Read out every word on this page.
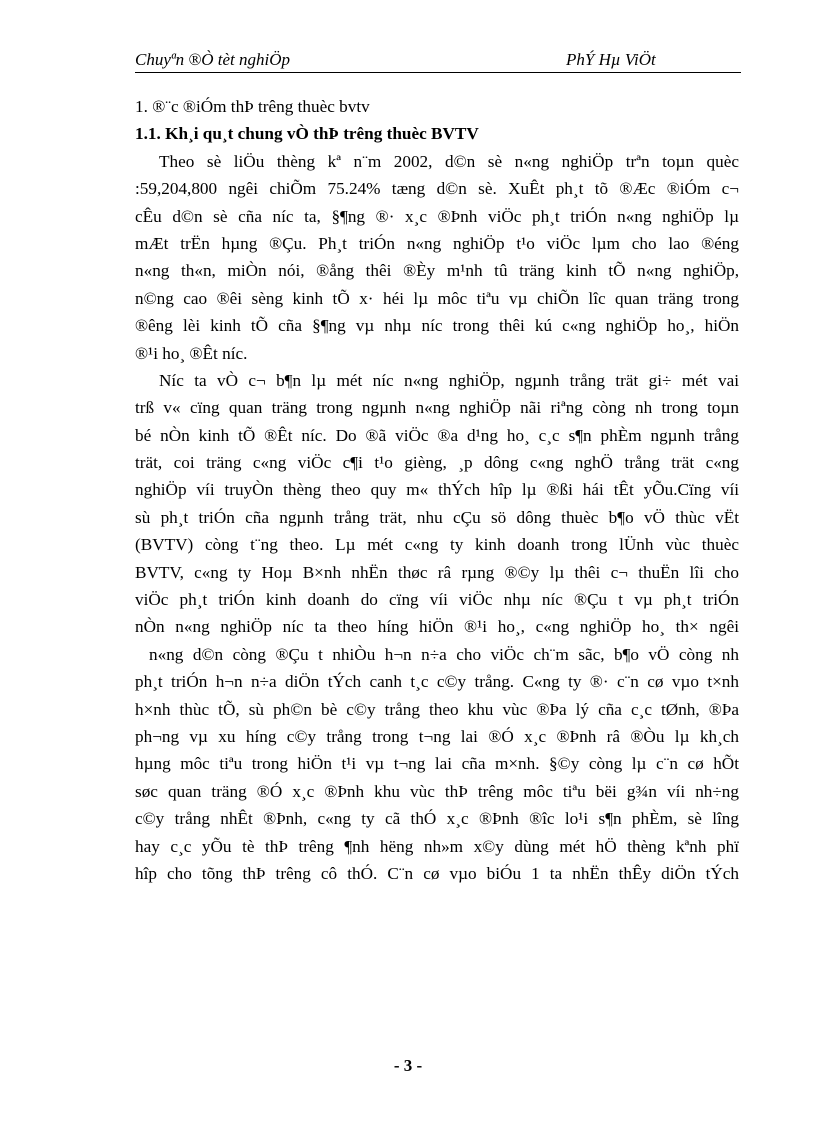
Chuyªn ®Ò tèt nghiÖp	PhÝ Hµ ViÖt
1. ®¨c ®iÓm thÞ trêng thuèc bvtv
1.1. Kh¸i qu¸t chung vÒ thÞ trêng thuèc BVTV
Theo sè liÖu thèng kª n¨m 2002, d©n sè n«ng nghiÖp trªn toµn quèc
:59,204,800 ngêi chiÕm 75.24% tæng d©n sè. XuÊt ph¸t tõ ®Æc ®iÓm c¬
cÊu d©n sè cña níc ta, §¶ng ®· x¸c ®Þnh viÖc ph¸t triÓn n«ng nghiÖp lµ
mÆt trËn hµng ®Çu. Ph¸t triÓn n«ng nghiÖp t¹o viÖc lµm cho lao ®éng
n«ng th«n, miÒn nói, ®ång thêi ®Èy m¹nh tû träng kinh tÕ n«ng nghiÖp,
n©ng cao ®êi sèng kinh tÕ x· héi lµ môc tiªu vµ chiÕn lîc quan träng trong
®êng lèi kinh tÕ cña §¶ng vµ nhµ níc trong thêi kú c«ng nghiÖp ho¸, hiÖn
®¹i ho¸ ®Êt níc.
Níc ta vÒ c¬ b¶n lµ mét níc n«ng nghiÖp, ngµnh trång trät gi÷ mét vai
trß v« cïng quan träng trong ngµnh n«ng nghiÖp nãi riªng còng nh trong toµn
bé nÒn kinh tÕ ®Êt níc. Do ®ã viÖc ®a d¹ng ho¸ c¸c s¶n phÈm ngµnh trång
trät, coi träng c«ng viÖc c¶i t¹o gièng, ¸p dông c«ng nghÖ trång trät c«ng
nghiÖp víi truyÒn thèng theo quy m« thÝch hîp lµ ®ßi hái tÊt yÕu.Cïng víi
sù ph¸t triÓn cña ngµnh trång trät, nhu cÇu sö dông thuèc b¶o vÖ thùc vËt
(BVTV) còng t¨ng theo. Lµ mét c«ng ty kinh doanh trong lÜnh vùc thuèc
BVTV, c«ng ty Hoµ B×nh nhËn thøc râ rµng ®©y lµ thêi c¬ thuËn lîi cho
viÖc ph¸t triÓn kinh doanh do cïng víi viÖc nhµ níc ®Çu t vµ ph¸t triÓn
nÒn n«ng nghiÖp níc ta theo híng hiÖn ®¹i ho¸, c«ng nghiÖp ho¸ th× ngêi
n«ng d©n còng ®Çu t nhiÒu h¬n n÷a cho viÖc ch¨m sãc, b¶o vÖ còng nh
ph¸t triÓn h¬n n÷a diÖn tÝch canh t¸c c©y trång. C«ng ty ®· c¨n cø vµo t×nh
h×nh thùc tÕ, sù ph©n bè c©y trång theo khu vùc ®Þa lý cña c¸c tØnh, ®Þa
ph¬ng vµ xu híng c©y trång trong t¬ng lai ®Ó x¸c ®Þnh râ ®Òu lµ kh¸ch
hµng môc tiªu trong hiÖn t¹i vµ t¬ng lai cña m×nh. §©y còng lµ c¨n cø hÕt
søc quan träng ®Ó x¸c ®Þnh khu vùc thÞ trêng môc tiªu bëi g¾n víi nh÷ng
c©y trång nhÊt ®Þnh, c«ng ty cã thÓ x¸c ®Þnh ®îc lo¹i s¶n phÈm, sè lîng
hay c¸c yÕu tè thÞ trêng ¶nh hëng nh»m x©y dùng mét hÖ thèng kªnh phï
hîp cho tõng thÞ trêng cô thÓ. C¨n cø vµo biÓu 1 ta nhËn thÊy diÖn tÝch
- 3 -
